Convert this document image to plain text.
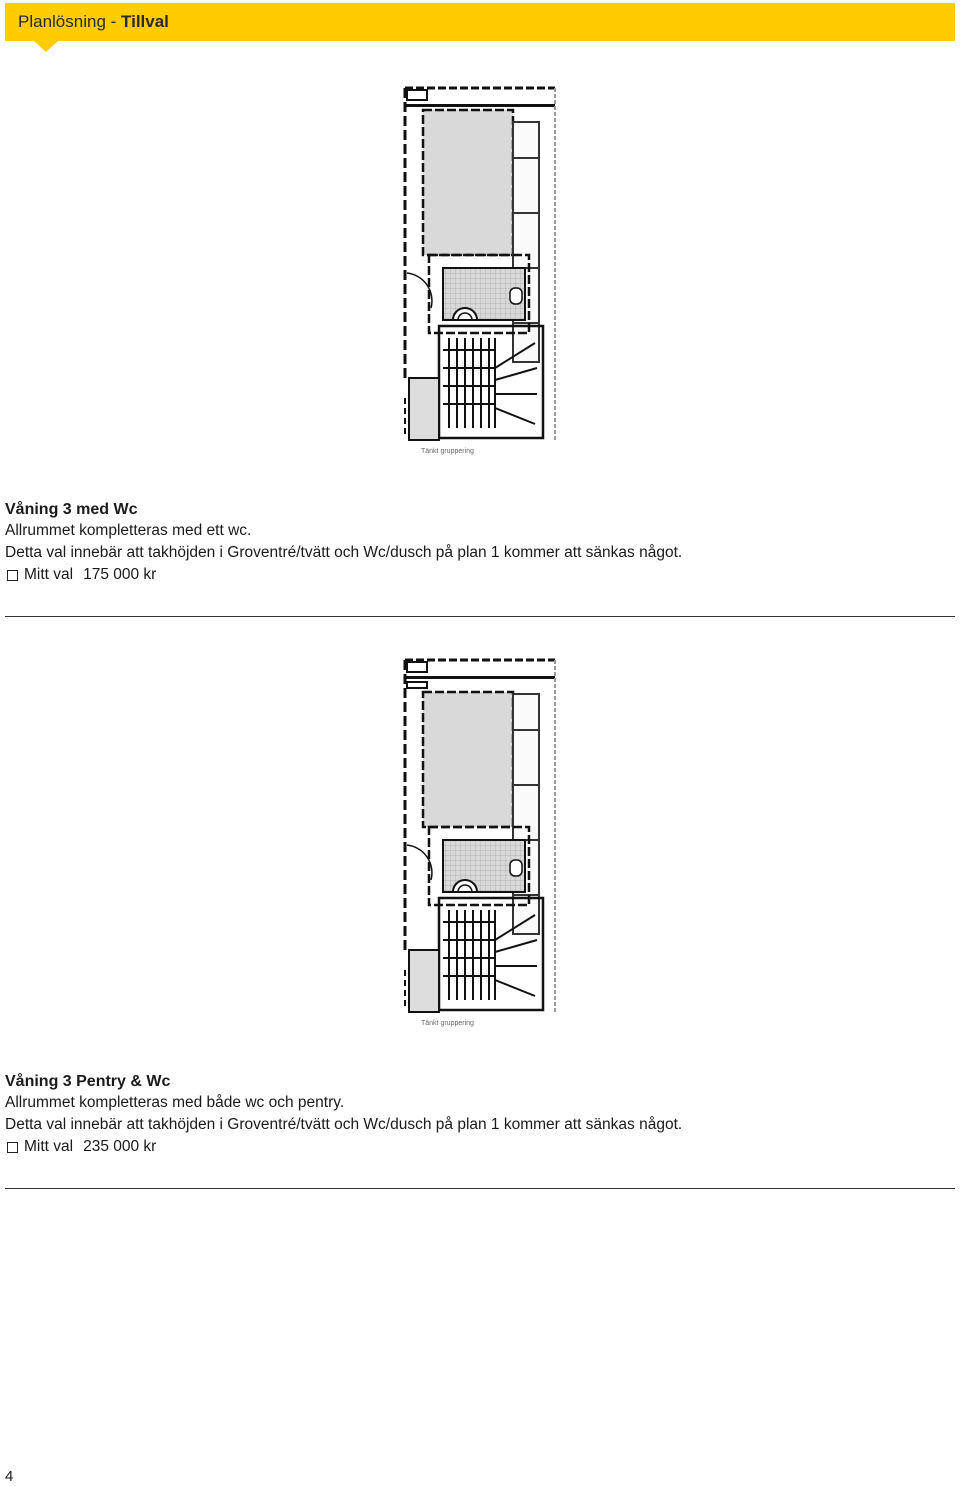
Planlösning - Tillval
Tänkt gruppering

Våning 3 med Wc

Allrummet kompletteras med ett wc.

Detta val innebär att takhöjden i Groventré/tvätt och Wc/dusch på plan 1 kommer att sänkas något.

Mitt val 175 000 kr

Tänkt gruppering

Våning 3 Pentry & Wc

Allrummet kompletteras med både wc och pentry.

Detta val innebär att takhöjden i Groventré/tvätt och Wc/dusch på plan 1 kommer att sänkas något.

Mitt val 235 000 kr

4
